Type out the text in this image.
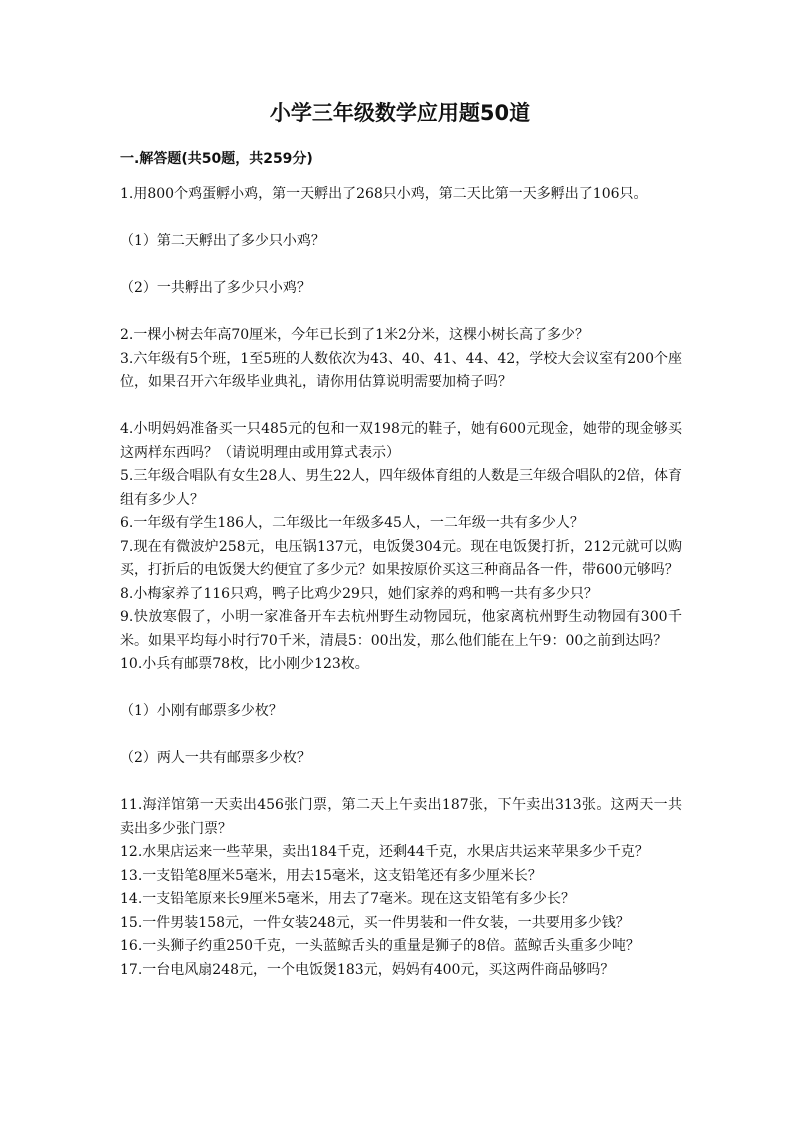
小学三年级数学应用题50道
一.解答题(共50题，共259分)

1.用800个鸡蛋孵小鸡，第一天孵出了268只小鸡，第二天比第一天多孵出了106只。

（1）第二天孵出了多少只小鸡？

（2）一共孵出了多少只小鸡？

2.一棵小树去年高70厘米，今年已长到了1米2分米，这棵小树长高了多少？

3.六年级有5个班，1至5班的人数依次为43、40、41、44、42，学校大会议室有200个座位，如果召开六年级毕业典礼，请你用估算说明需要加椅子吗？

4.小明妈妈准备买一只485元的包和一双198元的鞋子，她有600元现金，她带的现金够买这两样东西吗？（请说明理由或用算式表示）

5.三年级合唱队有女生28人、男生22人，四年级体育组的人数是三年级合唱队的2倍，体育组有多少人？

6.一年级有学生186人，二年级比一年级多45人，一二年级一共有多少人？

7.现在有微波炉258元，电压锅137元，电饭煲304元。现在电饭煲打折，212元就可以购买，打折后的电饭煲大约便宜了多少元？如果按原价买这三种商品各一件，带600元够吗？

8.小梅家养了116只鸡，鸭子比鸡少29只，她们家养的鸡和鸭一共有多少只？

9.快放寒假了，小明一家准备开车去杭州野生动物园玩，他家离杭州野生动物园有300千米。如果平均每小时行70千米，清晨5：00出发，那么他们能在上午9：00之前到达吗？

10.小兵有邮票78枚，比小刚少123枚。

（1）小刚有邮票多少枚？

（2）两人一共有邮票多少枚？

11.海洋馆第一天卖出456张门票，第二天上午卖出187张，下午卖出313张。这两天一共卖出多少张门票？

12.水果店运来一些苹果，卖出184千克，还剩44千克，水果店共运来苹果多少千克？

13.一支铅笔8厘米5毫米，用去15毫米，这支铅笔还有多少厘米长？

14.一支铅笔原来长9厘米5毫米，用去了7毫米。现在这支铅笔有多少长？

15.一件男装158元，一件女装248元，买一件男装和一件女装，一共要用多少钱？

16.一头狮子约重250千克，一头蓝鲸舌头的重量是狮子的8倍。蓝鲸舌头重多少吨？

17.一台电风扇248元，一个电饭煲183元，妈妈有400元，买这两件商品够吗？
